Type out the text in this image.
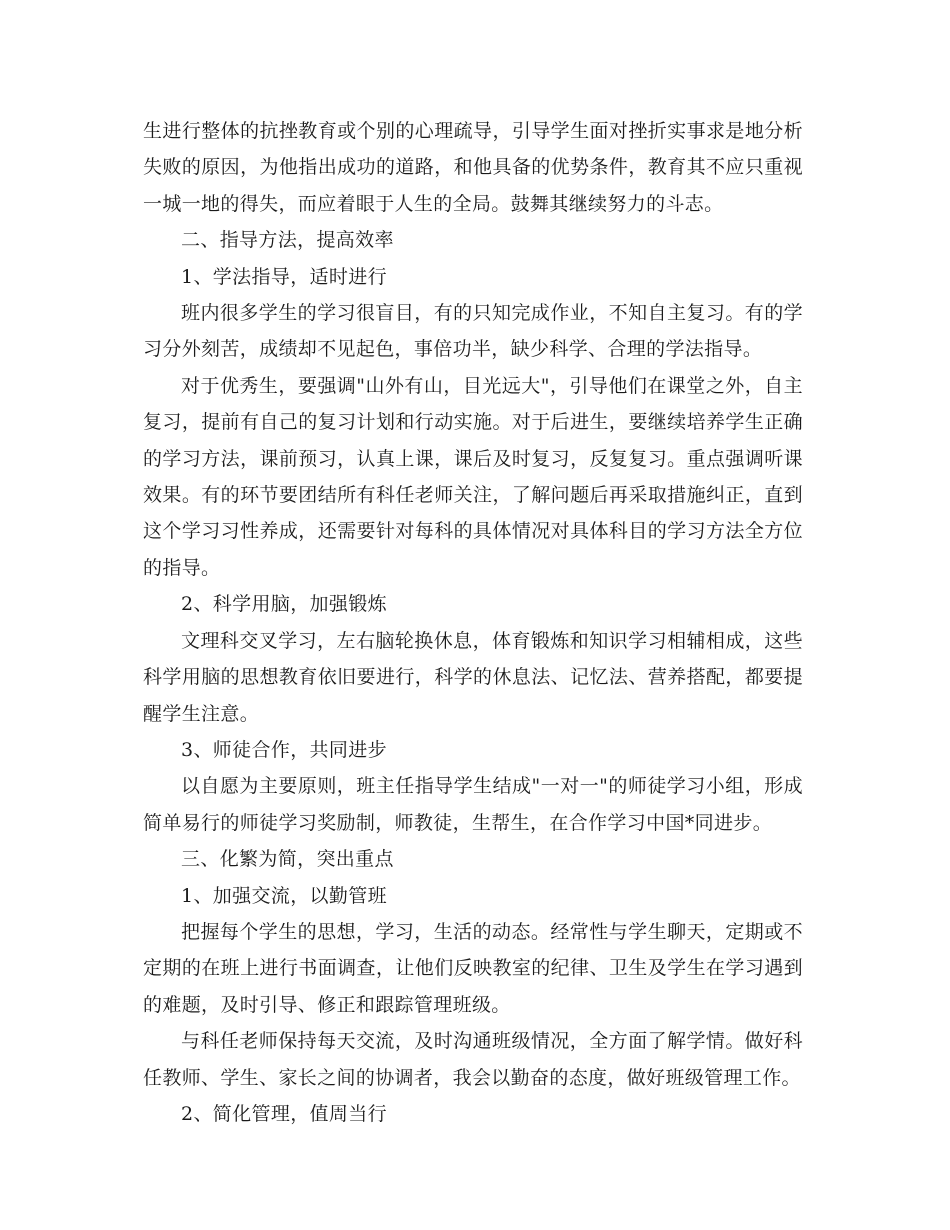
生进行整体的抗挫教育或个别的心理疏导，引导学生面对挫折实事求是地分析失败的原因，为他指出成功的道路，和他具备的优势条件，教育其不应只重视一城一地的得失，而应着眼于人生的全局。鼓舞其继续努力的斗志。

二、指导方法，提高效率

1、学法指导，适时进行

班内很多学生的学习很盲目，有的只知完成作业，不知自主复习。有的学习分外刻苦，成绩却不见起色，事倍功半，缺少科学、合理的学法指导。

对于优秀生，要强调"山外有山，目光远大"，引导他们在课堂之外，自主复习，提前有自己的复习计划和行动实施。对于后进生，要继续培养学生正确的学习方法，课前预习，认真上课，课后及时复习，反复复习。重点强调听课效果。有的环节要团结所有科任老师关注，了解问题后再采取措施纠正，直到这个学习习性养成，还需要针对每科的具体情况对具体科目的学习方法全方位的指导。

2、科学用脑，加强锻炼

文理科交叉学习，左右脑轮换休息，体育锻炼和知识学习相辅相成，这些科学用脑的思想教育依旧要进行，科学的休息法、记忆法、营养搭配，都要提醒学生注意。

3、师徒合作，共同进步

以自愿为主要原则，班主任指导学生结成"一对一"的师徒学习小组，形成简单易行的师徒学习奖励制，师教徒，生帮生，在合作学习中国*同进步。

三、化繁为简，突出重点

1、加强交流，以勤管班

把握每个学生的思想，学习，生活的动态。经常性与学生聊天，定期或不定期的在班上进行书面调查，让他们反映教室的纪律、卫生及学生在学习遇到的难题，及时引导、修正和跟踪管理班级。

与科任老师保持每天交流，及时沟通班级情况，全方面了解学情。做好科任教师、学生、家长之间的协调者，我会以勤奋的态度，做好班级管理工作。

2、简化管理，值周当行
